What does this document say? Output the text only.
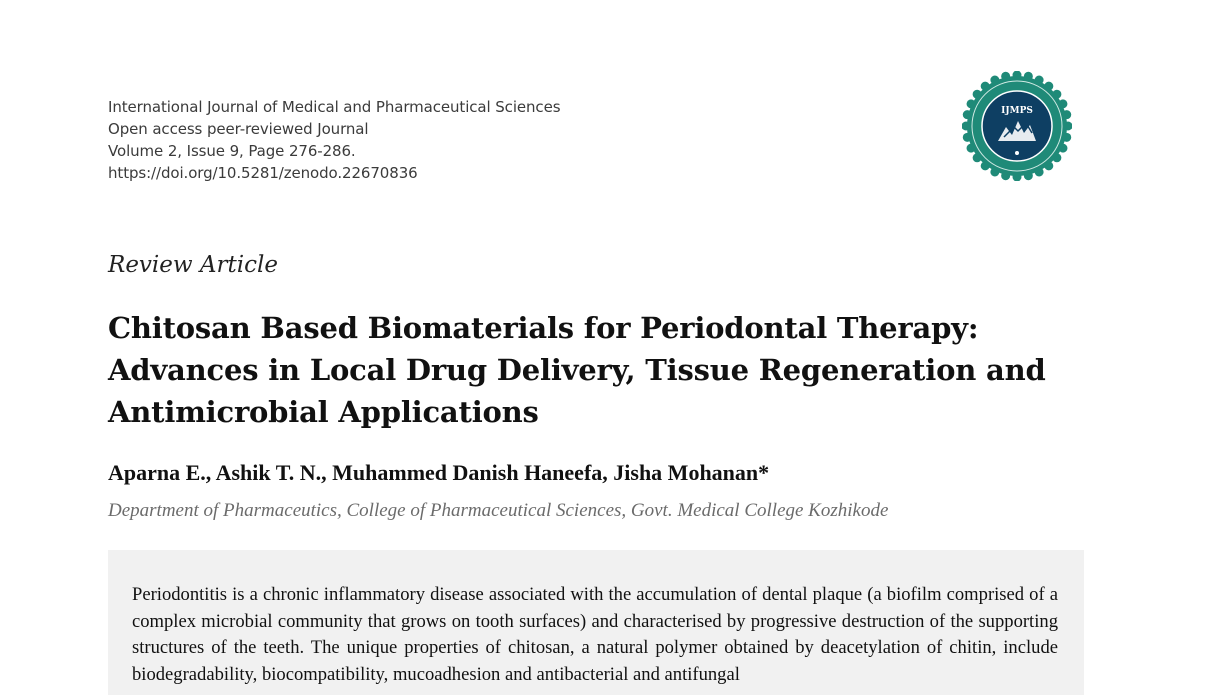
International Journal of Medical and Pharmaceutical Sciences
Open access peer-reviewed Journal
Volume 2, Issue 9, Page 276-286.
https://doi.org/10.5281/zenodo.22670836
IJMPS
Review Article
Chitosan Based Biomaterials for Periodontal Therapy:
Advances in Local Drug Delivery, Tissue Regeneration and
Antimicrobial Applications
Aparna E., Ashik T. N., Muhammed Danish Haneefa, Jisha Mohanan*
Department of Pharmaceutics, College of Pharmaceutical Sciences, Govt. Medical College Kozhikode

Periodontitis is a chronic inflammatory disease associated with the accumulation of dental plaque (a biofilm comprised of a complex microbial community that grows on tooth surfaces) and characterised by progressive destruction of the supporting structures of the teeth. The unique properties of chitosan, a natural polymer obtained by deacetylation of chitin, include biodegradability, biocompatibility, mucoadhesion and antibacterial and antifungal
